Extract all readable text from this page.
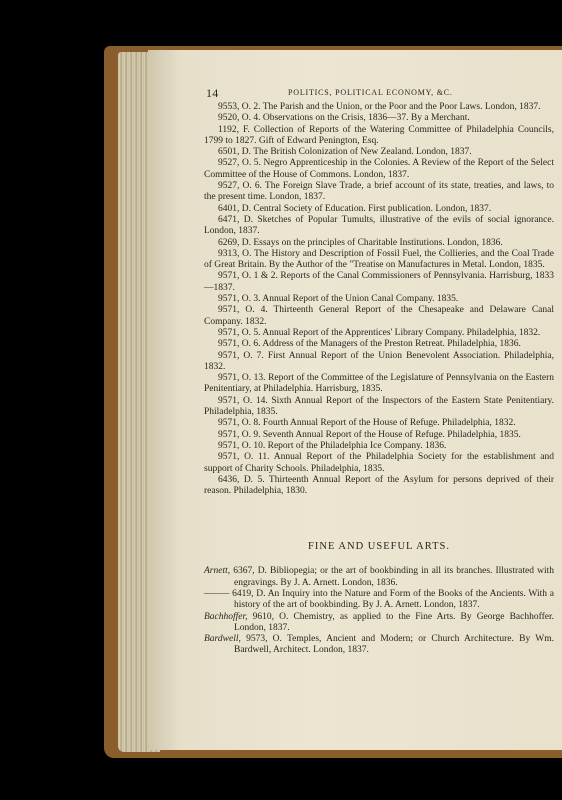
14	POLITICS, POLITICAL ECONOMY, &C.

9553, O. 2. The Parish and the Union, or the Poor and the Poor Laws. London, 1837.

9520, O. 4. Observations on the Crisis, 1836—37. By a Merchant.

1192, F. Collection of Reports of the Watering Committee of Philadelphia Councils, 1799 to 1827. Gift of Edward Penington, Esq.

6501, D. The British Colonization of New Zealand. London, 1837.

9527, O. 5. Negro Apprenticeship in the Colonies. A Review of the Report of the Select Committee of the House of Commons. London, 1837.

9527, O. 6. The Foreign Slave Trade, a brief account of its state, treaties, and laws, to the present time. London, 1837.

6401, D. Central Society of Education. First publication. London, 1837.

6471, D. Sketches of Popular Tumults, illustrative of the evils of social ignorance. London, 1837.

6269, D. Essays on the principles of Charitable Institutions. London, 1836.

9313, O. The History and Description of Fossil Fuel, the Collieries, and the Coal Trade of Great Britain. By the Author of the "Treatise on Manufactures in Metal. London, 1835.

9571, O. 1 & 2. Reports of the Canal Commissioners of Pennsylvania. Harrisburg, 1833—1837.

9571, O. 3. Annual Report of the Union Canal Company. 1835.

9571, O. 4. Thirteenth General Report of the Chesapeake and Delaware Canal Company. 1832.

9571, O. 5. Annual Report of the Apprentices' Library Company. Philadelphia, 1832.

9571, O. 6. Address of the Managers of the Preston Retreat. Philadelphia, 1836.

9571, O. 7. First Annual Report of the Union Benevolent Association. Philadelphia, 1832.

9571, O. 13. Report of the Committee of the Legislature of Pennsylvania on the Eastern Penitentiary, at Philadelphia. Harrisburg, 1835.

9571, O. 14. Sixth Annual Report of the Inspectors of the Eastern State Penitentiary. Philadelphia, 1835.

9571, O. 8. Fourth Annual Report of the House of Refuge. Philadelphia, 1832.

9571, O. 9. Seventh Annual Report of the House of Refuge. Philadelphia, 1835.

9571, O. 10. Report of the Philadelphia Ice Company. 1836.

9571, O. 11. Annual Report of the Philadelphia Society for the establishment and support of Charity Schools. Philadelphia, 1835.

6436, D. 5. Thirteenth Annual Report of the Asylum for persons deprived of their reason. Philadelphia, 1830.

FINE AND USEFUL ARTS.

Arnett, 6367, D. Bibliopegia; or the art of bookbinding in all its branches. Illustrated with engravings. By J. A. Arnett. London, 1836.

——— 6419, D. An Inquiry into the Nature and Form of the Books of the Ancients. With a history of the art of bookbinding. By J. A. Arnett. London, 1837.

Bachhoffer, 9610, O. Chemistry, as applied to the Fine Arts. By George Bachhoffer. London, 1837.

Bardwell, 9573, O. Temples, Ancient and Modern; or Church Architecture. By Wm. Bardwell, Architect. London, 1837.
